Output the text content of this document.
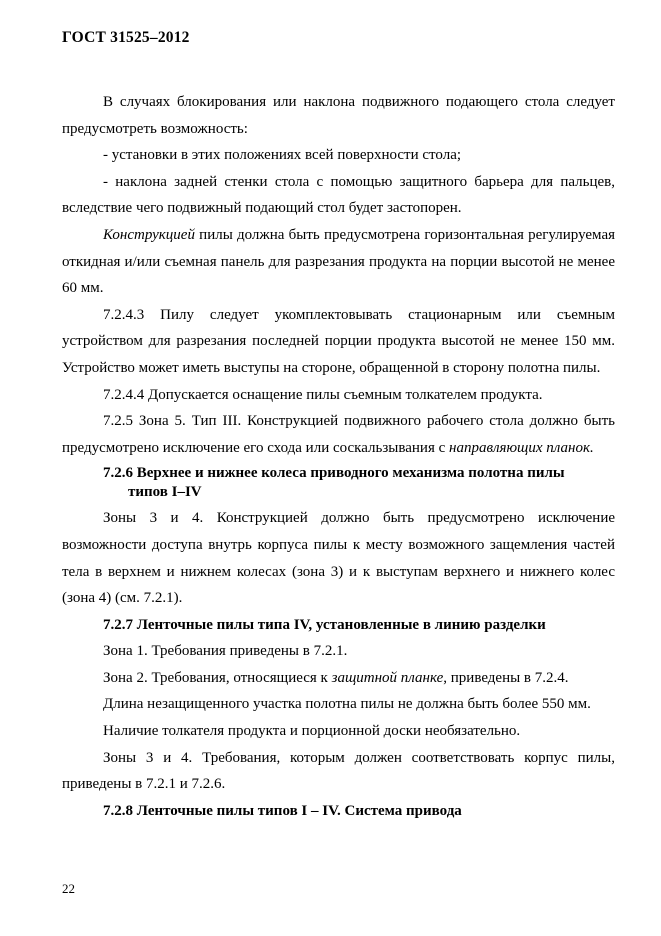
ГОСТ 31525–2012

В случаях блокирования или наклона подвижного подающего стола следует предусмотреть возможность:

- установки в этих положениях всей поверхности стола;

- наклона задней стенки стола с помощью защитного барьера для пальцев, вследствие чего подвижный подающий стол будет застопорен.

Конструкцией пилы должна быть предусмотрена горизонтальная регулируемая откидная и/или съемная панель для разрезания продукта на порции высотой не менее 60 мм.

7.2.4.3 Пилу следует укомплектовывать стационарным или съемным устройством для разрезания последней порции продукта высотой не менее 150 мм. Устройство может иметь выступы на стороне, обращенной в сторону полотна пилы.

7.2.4.4 Допускается оснащение пилы съемным толкателем продукта.

7.2.5 Зона 5. Тип III. Конструкцией подвижного рабочего стола должно быть предусмотрено исключение его схода или соскальзывания с направляющих планок.

7.2.6 Верхнее и нижнее колеса приводного механизма полотна пилы
типов I–IV

Зоны 3 и 4. Конструкцией должно быть предусмотрено исключение возможности доступа внутрь корпуса пилы к месту возможного защемления частей тела в верхнем и нижнем колесах (зона 3) и к выступам верхнего и нижнего колес (зона 4) (см. 7.2.1).

7.2.7 Ленточные пилы типа IV, установленные в линию разделки

Зона 1. Требования приведены в 7.2.1.

Зона 2. Требования, относящиеся к защитной планке, приведены в 7.2.4.

Длина незащищенного участка полотна пилы не должна быть более 550 мм.

Наличие толкателя продукта и порционной доски необязательно.

Зоны 3 и 4. Требования, которым должен соответствовать корпус пилы, приведены в 7.2.1 и 7.2.6.

7.2.8 Ленточные пилы типов I – IV. Система привода

22
